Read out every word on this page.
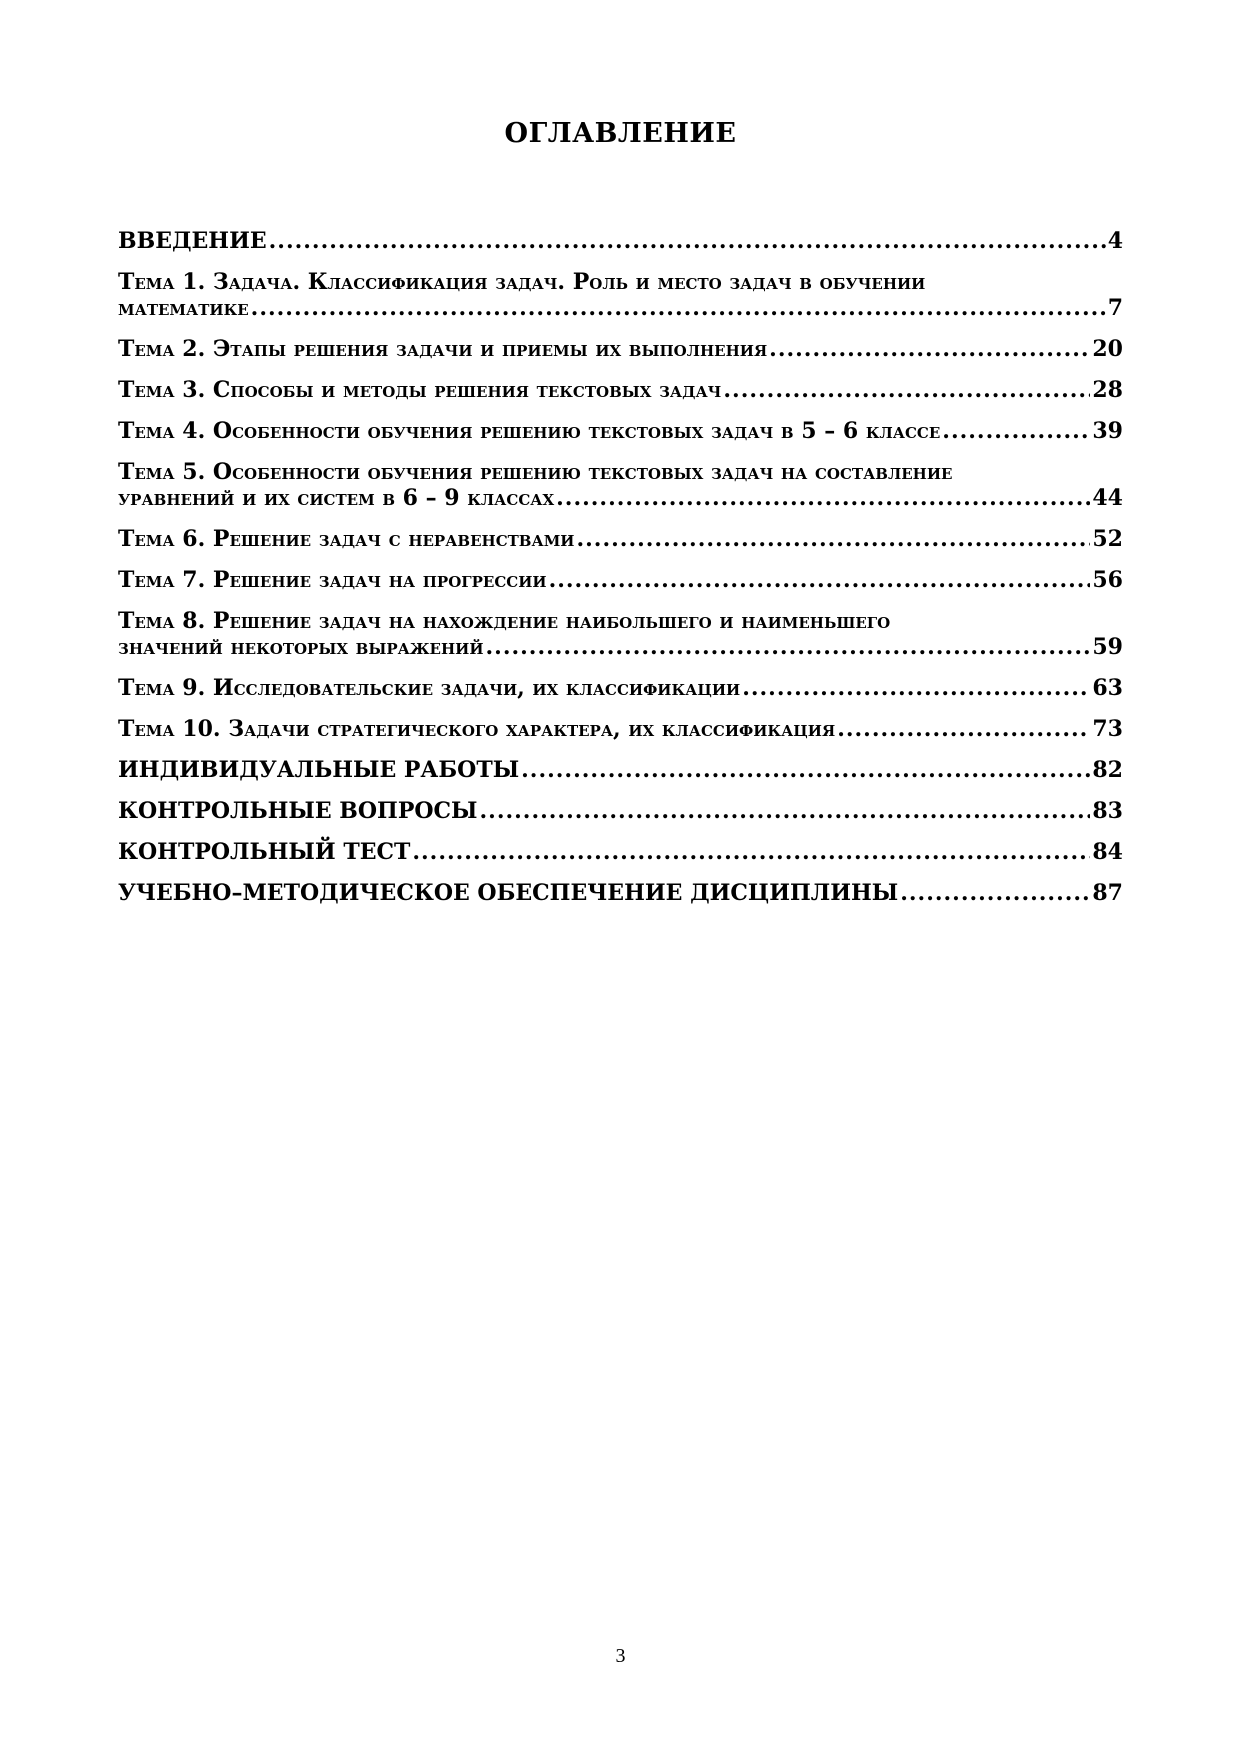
ОГЛАВЛЕНИЕ
ВВЕДЕНИЕ .....	4
Тема 1. Задача. Классификация задач. Роль и место задач в обучении
математике .....	7
Тема 2. Этапы решения задачи и приемы их выполнения .....	20
Тема 3. Способы и методы решения текстовых задач .....	28
Тема 4. Особенности обучения решению текстовых задач в 5 – 6 классе .....	39
Тема 5. Особенности обучения решению текстовых задач на составление
уравнений и их систем в 6 – 9 классах .....	44
Тема 6. Решение задач с неравенствами .....	52
Тема 7. Решение задач на прогрессии .....	56
Тема 8. Решение задач на нахождение наибольшего и наименьшего
значений некоторых выражений .....	59
Тема 9. Исследовательские задачи, их классификации .....	63
Тема 10. Задачи стратегического характера, их классификация .....	73
ИНДИВИДУАЛЬНЫЕ РАБОТЫ .....	82
КОНТРОЛЬНЫЕ ВОПРОСЫ .....	83
КОНТРОЛЬНЫЙ ТЕСТ .....	84
УЧЕБНО–МЕТОДИЧЕСКОЕ ОБЕСПЕЧЕНИЕ ДИСЦИПЛИНЫ .....	87
3
